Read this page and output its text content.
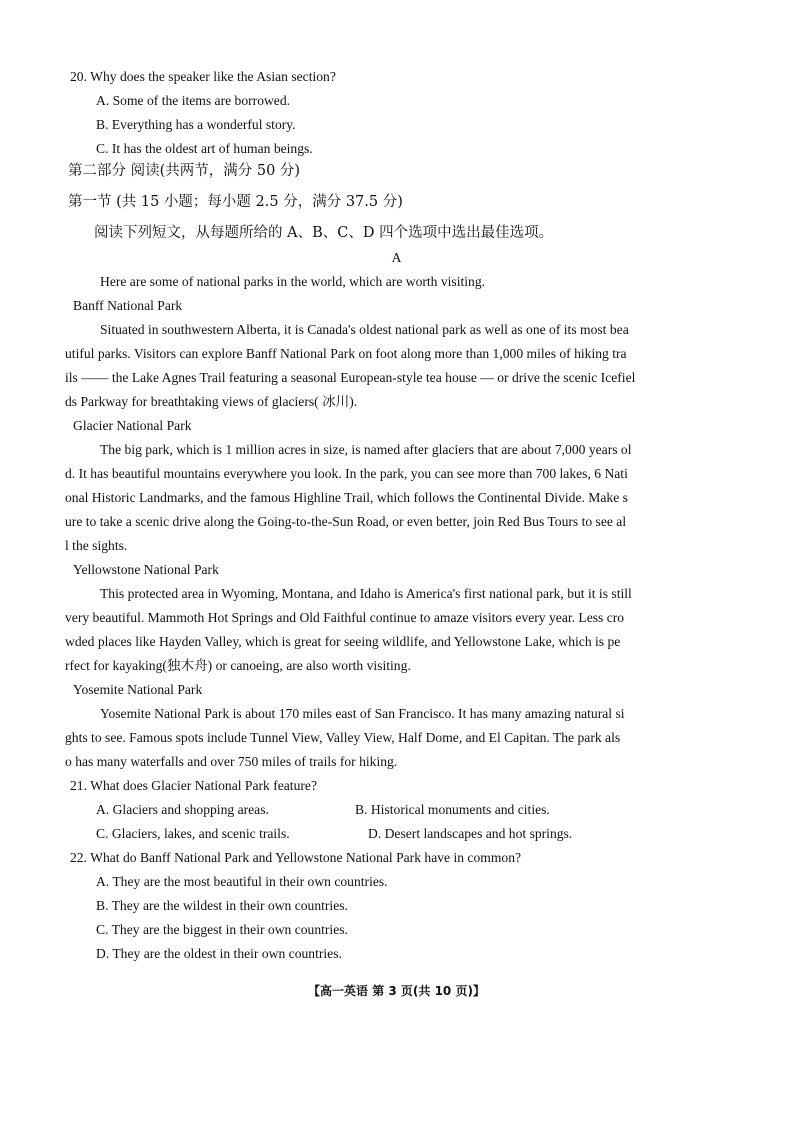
20. Why does the speaker like the Asian section?
A. Some of the items are borrowed.
B. Everything has a wonderful story.
C. It has the oldest art of human beings.
第二部分 阅读(共两节，满分 50 分)
第一节 (共 15 小题；每小题 2.5 分，满分 37.5 分)
阅读下列短文，从每题所给的 A、B、C、D 四个选项中选出最佳选项。
A
Here are some of national parks in the world, which are worth visiting.
Banff National Park
Situated in southwestern Alberta, it is Canada's oldest national park as well as one of its most bea
utiful parks. Visitors can explore Banff National Park on foot along more than 1,000 miles of hiking tra
ils —— the Lake Agnes Trail featuring a seasonal European-style tea house — or drive the scenic Icefiel
ds Parkway for breathtaking views of glaciers( 冰川).
Glacier National Park
The big park, which is 1 million acres in size, is named after glaciers that are about 7,000 years ol
d. It has beautiful mountains everywhere you look. In the park, you can see more than 700 lakes, 6 Nati
onal Historic Landmarks, and the famous Highline Trail, which follows the Continental Divide. Make s
ure to take a scenic drive along the Going-to-the-Sun Road, or even better, join Red Bus Tours to see al
l the sights.
Yellowstone National Park
This protected area in Wyoming, Montana, and Idaho is America's first national park, but it is still
very beautiful. Mammoth Hot Springs and Old Faithful continue to amaze visitors every year. Less cro
wded places like Hayden Valley, which is great for seeing wildlife, and Yellowstone Lake, which is pe
rfect for kayaking(独木舟) or canoeing, are also worth visiting.
Yosemite National Park
Yosemite National Park is about 170 miles east of San Francisco. It has many amazing natural si
ghts to see. Famous spots include Tunnel View, Valley View, Half Dome, and El Capitan. The park als
o has many waterfalls and over 750 miles of trails for hiking.
21. What does Glacier National Park feature?
A. Glaciers and shopping areas.	B. Historical monuments and cities.
C. Glaciers, lakes, and scenic trails.	D. Desert landscapes and hot springs.
22. What do Banff National Park and Yellowstone National Park have in common?
A. They are the most beautiful in their own countries.
B. They are the wildest in their own countries.
C. They are the biggest in their own countries.
D. They are the oldest in their own countries.
【高一英语 第 3 页(共 10 页)】
